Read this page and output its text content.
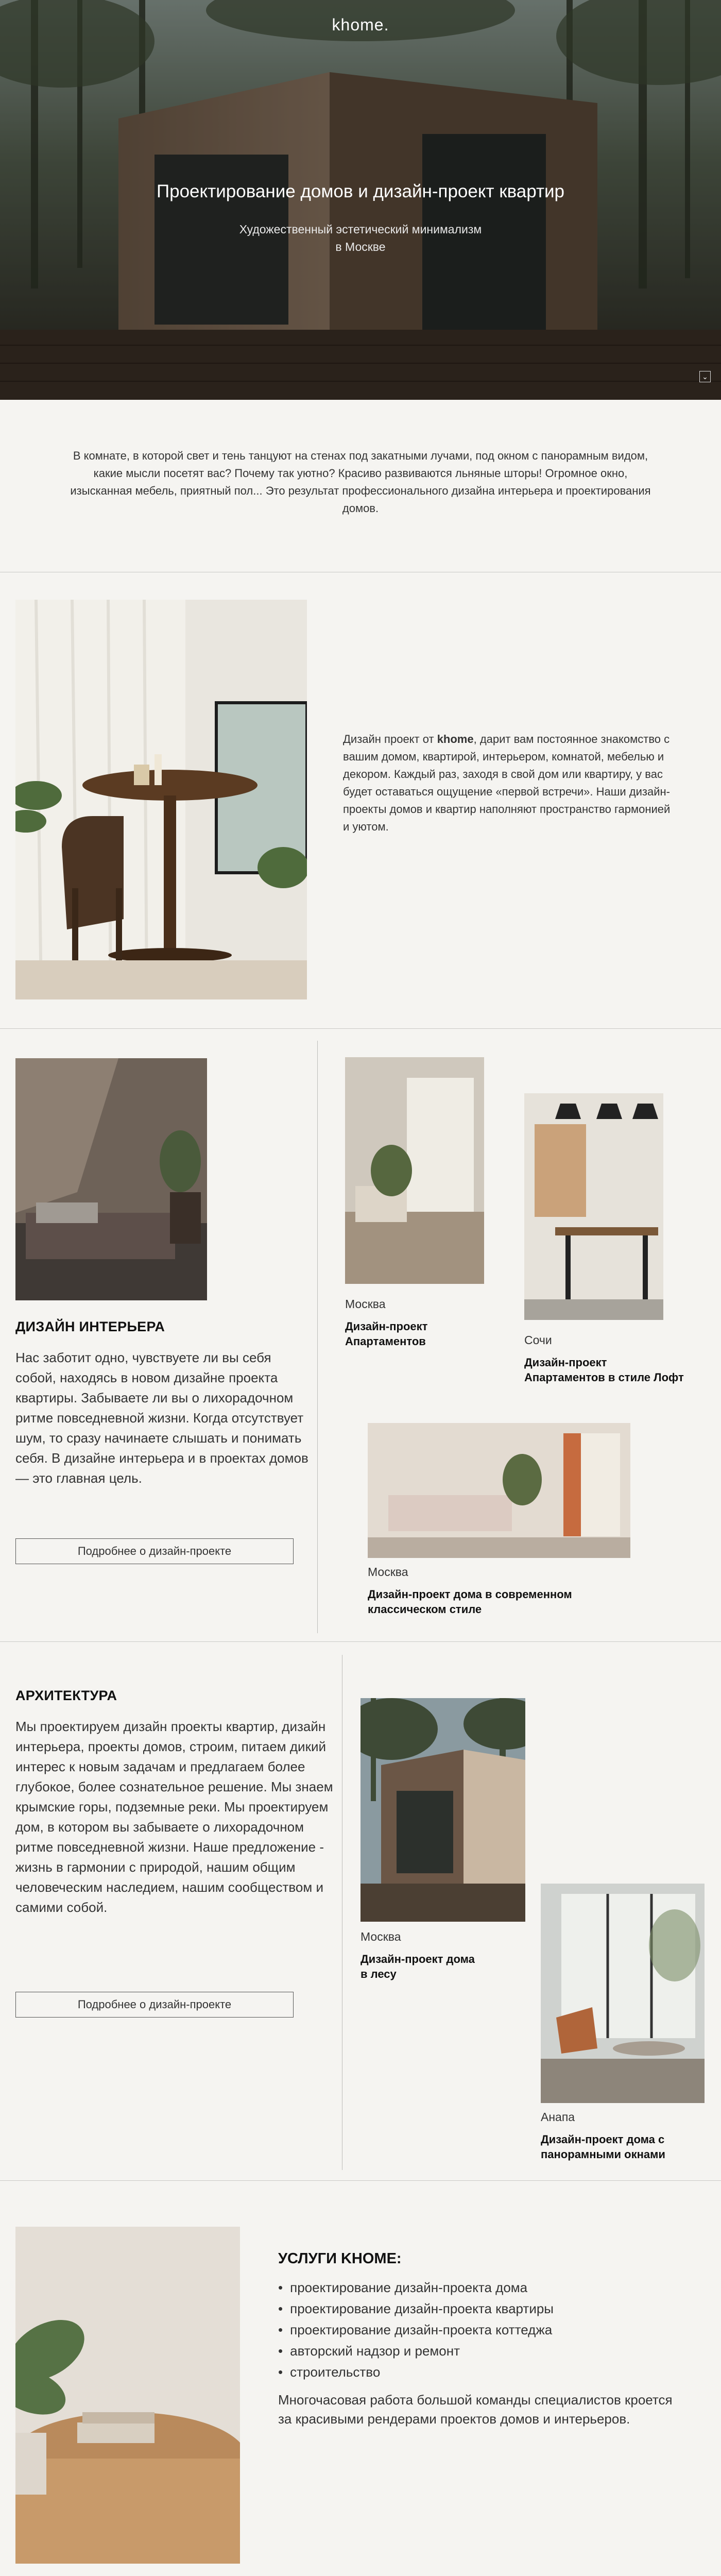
khome.
Проектирование домов и дизайн-проект квартир
Художественный эстетический минимализм
в Москве
⌄

В комнате, в которой свет и тень танцуют на стенах под закатными лучами, под окном с панорамным видом, какие мысли посетят вас? Почему так уютно? Красиво развиваются льняные шторы! Огромное окно, изысканная мебель, приятный пол... Это результат профессионального дизайна интерьера и проектирования домов.

Дизайн проект от khome, дарит вам постоянное знакомство с вашим домом, квартирой, интерьером, комнатой, мебелью и декором. Каждый раз, заходя в свой дом или квартиру, у вас будет оставаться ощущение «первой встречи». Наши дизайн-проекты домов и квартир наполняют пространство гармонией и уютом.

ДИЗАЙН ИНТЕРЬЕРА

Нас заботит одно, чувствуете ли вы себя собой, находясь в новом дизайне проекта квартиры. Забываете ли вы о лихорадочном ритме повседневной жизни. Когда отсутствует шум, то сразу начинаете слышать и понимать себя. В дизайне интерьера и в проектах домов — это главная цель.

Подробнее о дизайн-проекте
Москва
Дизайн-проект
Апартаментов	Сочи
Дизайн-проект
Апартаментов в стиле Лофт
Москва
Дизайн-проект дома в современном
классическом стиле
АРХИТЕКТУРА

Мы проектируем дизайн проекты квартир, дизайн интерьера, проекты домов, строим, питаем дикий интерес к новым задачам и предлагаем более глубокое, более сознательное решение. Мы знаем крымские горы, подземные реки. Мы проектируем дом, в котором вы забываете о лихорадочном ритме повседневной жизни. Наше предложение - жизнь в гармонии с природой, нашим общим человеческим наследием, нашим сообществом и самими собой.

Подробнее о дизайн-проекте
Москва
Дизайн-проект дома
в лесу
Анапа
Дизайн-проект дома с
панорамными окнами
УСЛУГИ KHOME:
• проектирование дизайн-проекта дома
• проектирование дизайн-проекта квартиры
• проектирование дизайн-проекта коттеджа
• авторский надзор и ремонт
• строительство

Многочасовая работа большой команды специалистов кроется за красивыми рендерами проектов домов и интерьеров.
